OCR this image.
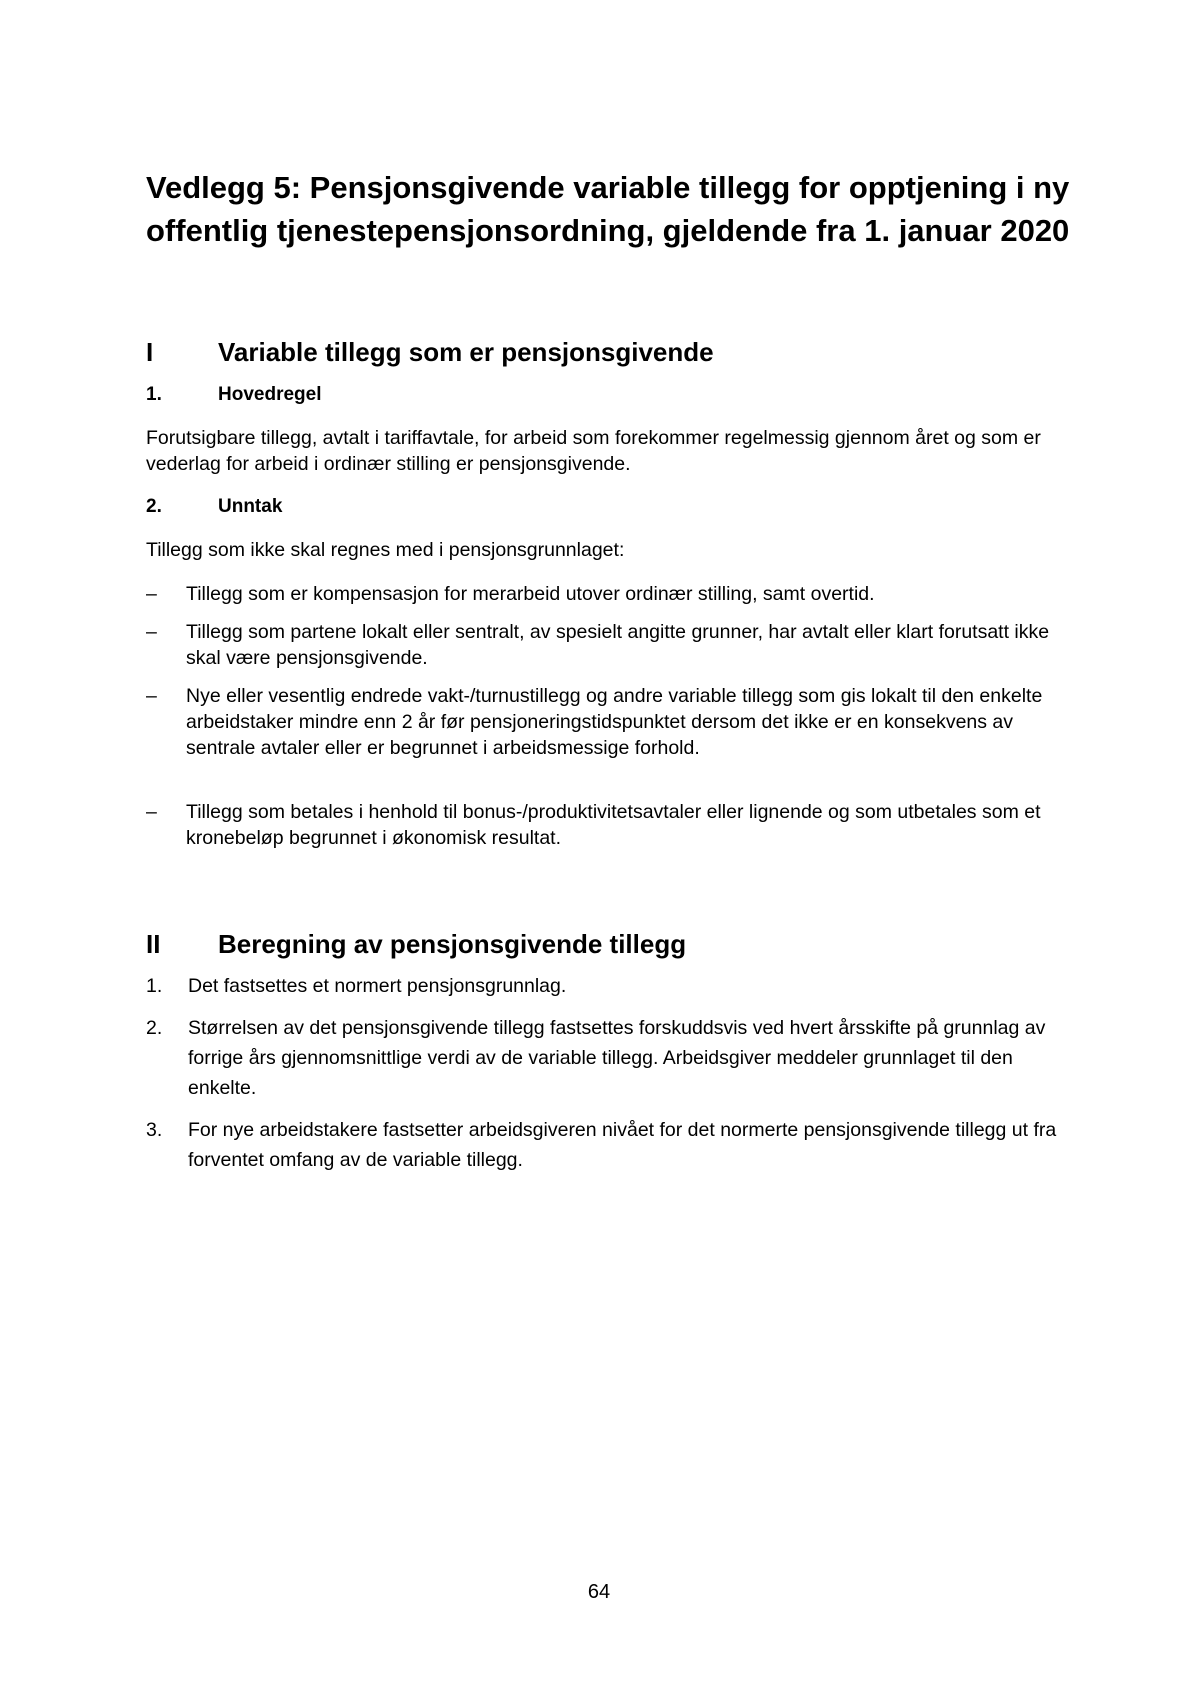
Vedlegg 5: Pensjonsgivende variable tillegg for opptjening i ny offentlig tjenestepensjonsordning, gjeldende fra 1. januar 2020
I Variable tillegg som er pensjonsgivende
1.	Hovedregel

Forutsigbare tillegg, avtalt i tariffavtale, for arbeid som forekommer regelmessig gjennom året og som er vederlag for arbeid i ordinær stilling er pensjonsgivende.

2.	Unntak

Tillegg som ikke skal regnes med i pensjonsgrunnlaget:

–	Tillegg som er kompensasjon for merarbeid utover ordinær stilling, samt overtid.
–	Tillegg som partene lokalt eller sentralt, av spesielt angitte grunner, har avtalt eller klart forutsatt ikke skal være pensjonsgivende.
–	Nye eller vesentlig endrede vakt-/turnustillegg og andre variable tillegg som gis lokalt til den enkelte arbeidstaker mindre enn 2 år før pensjoneringstidspunktet dersom det ikke er en konsekvens av sentrale avtaler eller er begrunnet i arbeidsmessige forhold.
–	Tillegg som betales i henhold til bonus-/produktivitetsavtaler eller lignende og som utbetales som et kronebeløp begrunnet i økonomisk resultat.
II Beregning av pensjonsgivende tillegg
1.	Det fastsettes et normert pensjonsgrunnlag.
2.	Størrelsen av det pensjonsgivende tillegg fastsettes forskuddsvis ved hvert årsskifte på grunnlag av forrige års gjennomsnittlige verdi av de variable tillegg. Arbeidsgiver meddeler grunnlaget til den enkelte.
3.	For nye arbeidstakere fastsetter arbeidsgiveren nivået for det normerte pensjonsgivende tillegg ut fra forventet omfang av de variable tillegg.
64
